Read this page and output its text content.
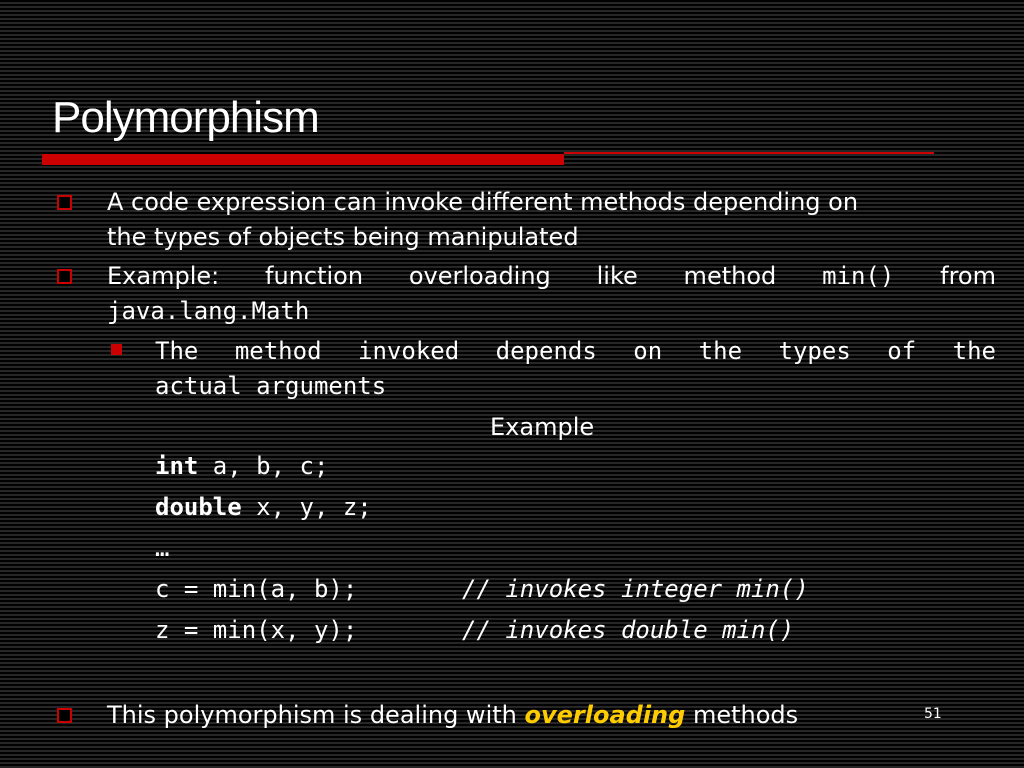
Polymorphism
A code expression can invoke different methods depending on
the types of objects being manipulated
Example: function overloading like method min() from
java.lang.Math
The method invoked depends on the types of the
actual arguments
Example
int a, b, c;
double x, y, z;
…
c = min(a, b);	// invokes integer min()
z = min(x, y);	// invokes double min()
This polymorphism is dealing with overloading methods	51
